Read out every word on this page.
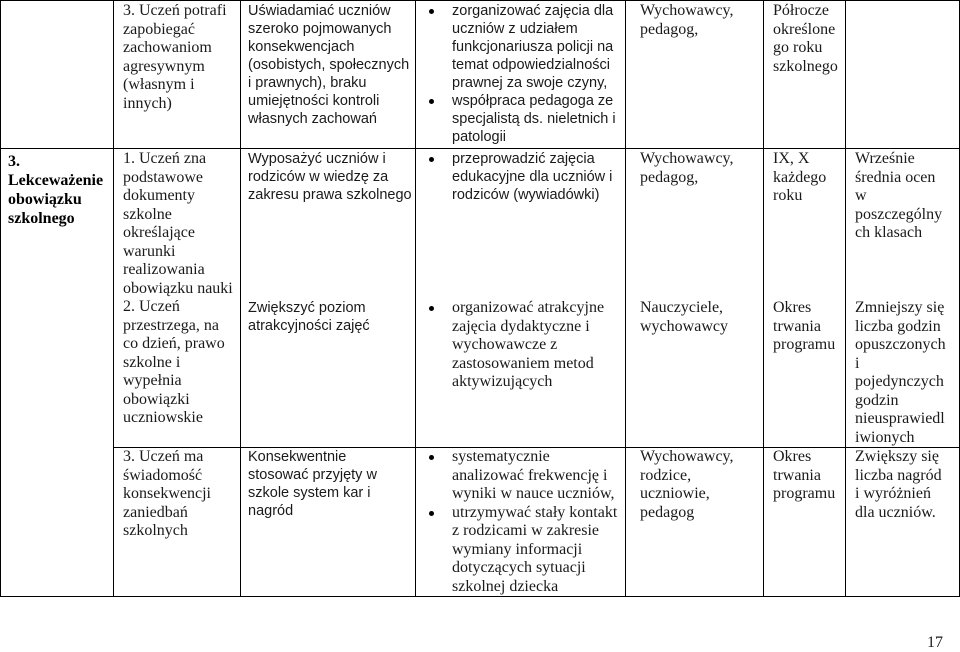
3. Uczeń potrafi
zapobiegać
zachowaniom
agresywnym
(własnym i
innych)
Uświadamiać uczniów
szeroko pojmowanych
konsekwencjach
(osobistych, społecznych
i prawnych), braku
umiejętności kontroli
własnych zachowań
zorganizować zajęcia dla
uczniów z udziałem
funkcjonariusza policji na
temat odpowiedzialności
prawnej za swoje czyny,
współpraca pedagoga ze
specjalistą ds. nieletnich i
patologii
Wychowawcy,
pedagog,
Półrocze
określone
go roku
szkolnego
3.
Lekceważenie
obowiązku
szkolnego
1. Uczeń zna
podstawowe
dokumenty
szkolne
określające
warunki
realizowania
obowiązku nauki
2. Uczeń
przestrzega, na
co dzień, prawo
szkolne i
wypełnia
obowiązki
uczniowskie
Wyposażyć uczniów i
rodziców w wiedzę za
zakresu prawa szkolnego
Zwiększyć poziom
atrakcyjności zajęć
przeprowadzić zajęcia
edukacyjne dla uczniów i
rodziców (wywiadówki)
organizować atrakcyjne
zajęcia dydaktyczne i
wychowawcze z
zastosowaniem metod
aktywizujących
Wychowawcy,
pedagog,
Nauczyciele,
wychowawcy
IX, X
każdego
roku
Okres
trwania
programu
Wrześnie
średnia ocen
w
poszczególny
ch klasach
Zmniejszy się
liczba godzin
opuszczonych
i
pojedynczych
godzin
nieusprawiedl
iwionych
3. Uczeń ma
świadomość
konsekwencji
zaniedbań
szkolnych
Konsekwentnie
stosować przyjęty w
szkole system kar i
nagród
systematycznie
analizować frekwencję i
wyniki w nauce uczniów,
utrzymywać stały kontakt
z rodzicami w zakresie
wymiany informacji
dotyczących sytuacji
szkolnej dziecka
Wychowawcy,
rodzice,
uczniowie,
pedagog
Okres
trwania
programu
Zwiększy się
liczba nagród
i wyróżnień
dla uczniów.
17
